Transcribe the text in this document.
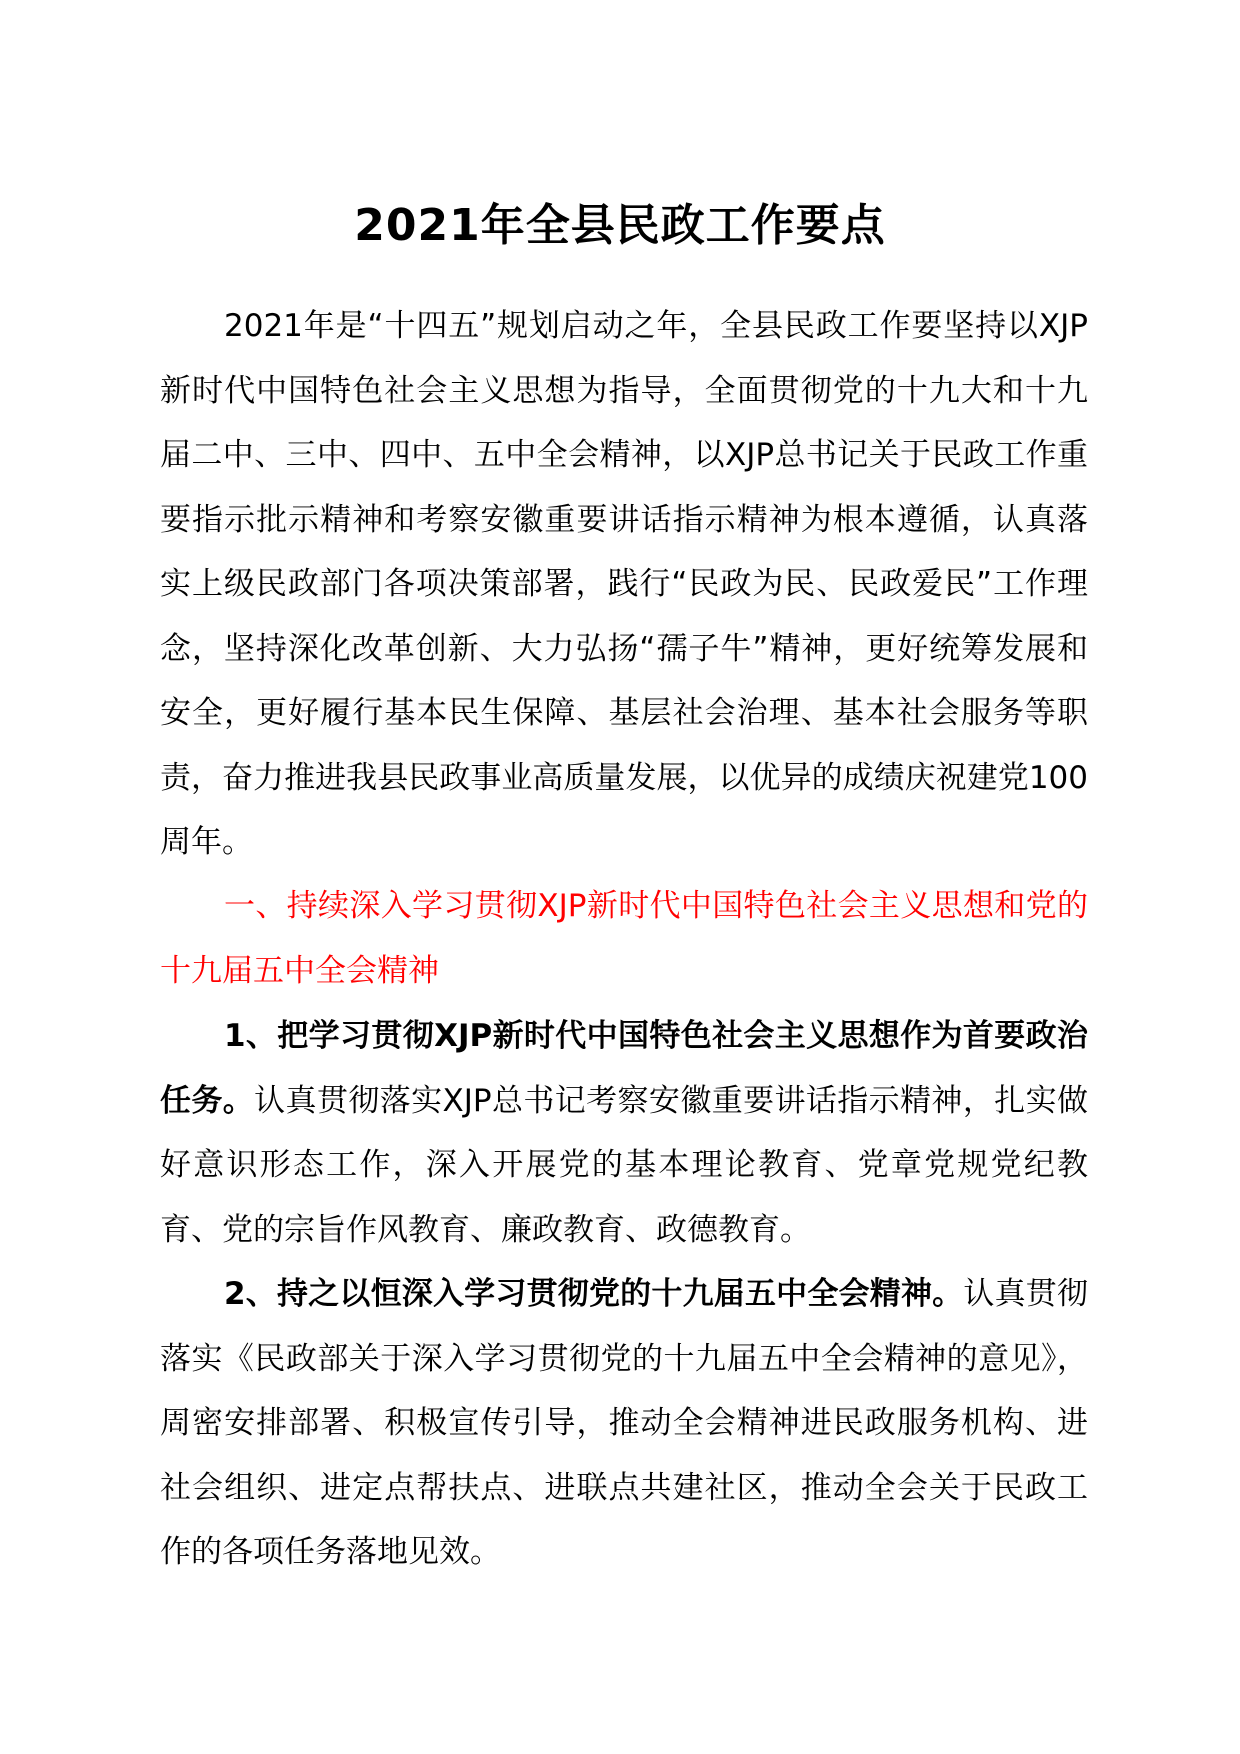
2021年全县民政工作要点

2021年是“十四五”规划启动之年，全县民政工作要坚持以XJP新时代中国特色社会主义思想为指导，全面贯彻党的十九大和十九届二中、三中、四中、五中全会精神，以XJP总书记关于民政工作重要指示批示精神和考察安徽重要讲话指示精神为根本遵循，认真落实上级民政部门各项决策部署，践行“民政为民、民政爱民”工作理念，坚持深化改革创新、大力弘扬“孺子牛”精神，更好统筹发展和安全，更好履行基本民生保障、基层社会治理、基本社会服务等职责，奋力推进我县民政事业高质量发展，以优异的成绩庆祝建党100周年。

一、持续深入学习贯彻XJP新时代中国特色社会主义思想和党的十九届五中全会精神

1、把学习贯彻XJP新时代中国特色社会主义思想作为首要政治任务。认真贯彻落实XJP总书记考察安徽重要讲话指示精神，扎实做好意识形态工作，深入开展党的基本理论教育、党章党规党纪教育、党的宗旨作风教育、廉政教育、政德教育。

2、持之以恒深入学习贯彻党的十九届五中全会精神。认真贯彻落实《民政部关于深入学习贯彻党的十九届五中全会精神的意见》，周密安排部署、积极宣传引导，推动全会精神进民政服务机构、进社会组织、进定点帮扶点、进联点共建社区，推动全会关于民政工作的各项任务落地见效。
